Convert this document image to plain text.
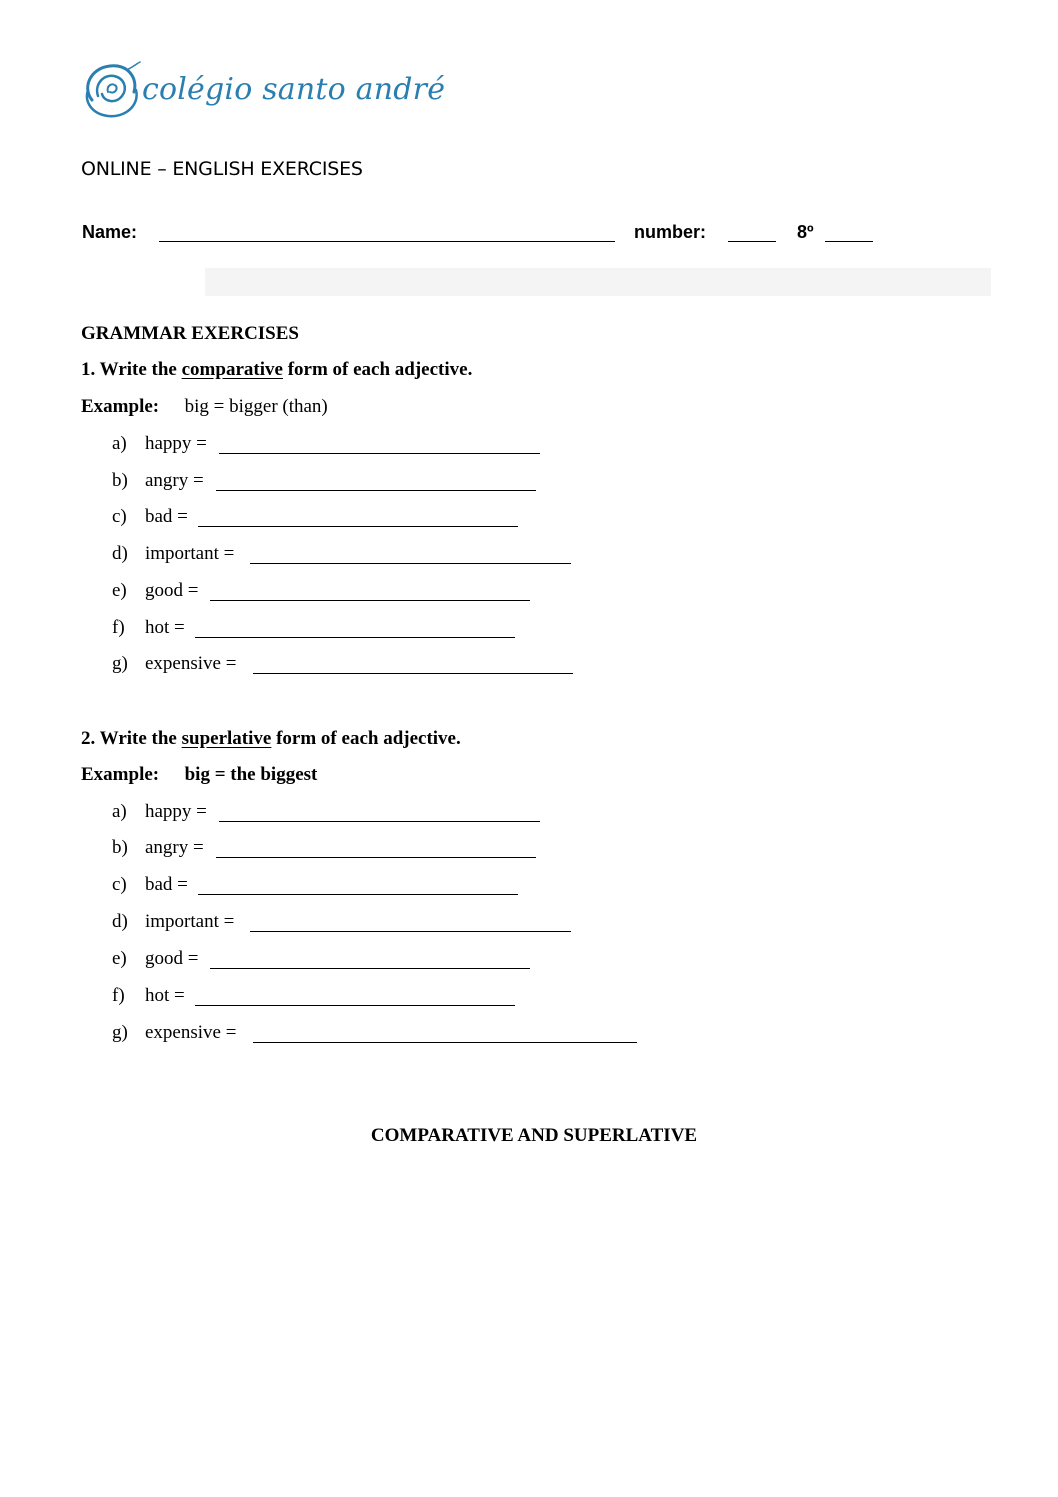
colégio santo andré
ONLINE – ENGLISH EXERCISES
Name:	number:	8º
GRAMMAR EXERCISES
1. Write the comparative form of each adjective.
Example: big = bigger (than)
a) happy =
b) angry =
c) bad =
d) important =
e) good =
f) hot =
g) expensive =
2. Write the superlative form of each adjective.
Example: big = the biggest
a) happy =
b) angry =
c) bad =
d) important =
e) good =
f) hot =
g) expensive =
COMPARATIVE AND SUPERLATIVE
